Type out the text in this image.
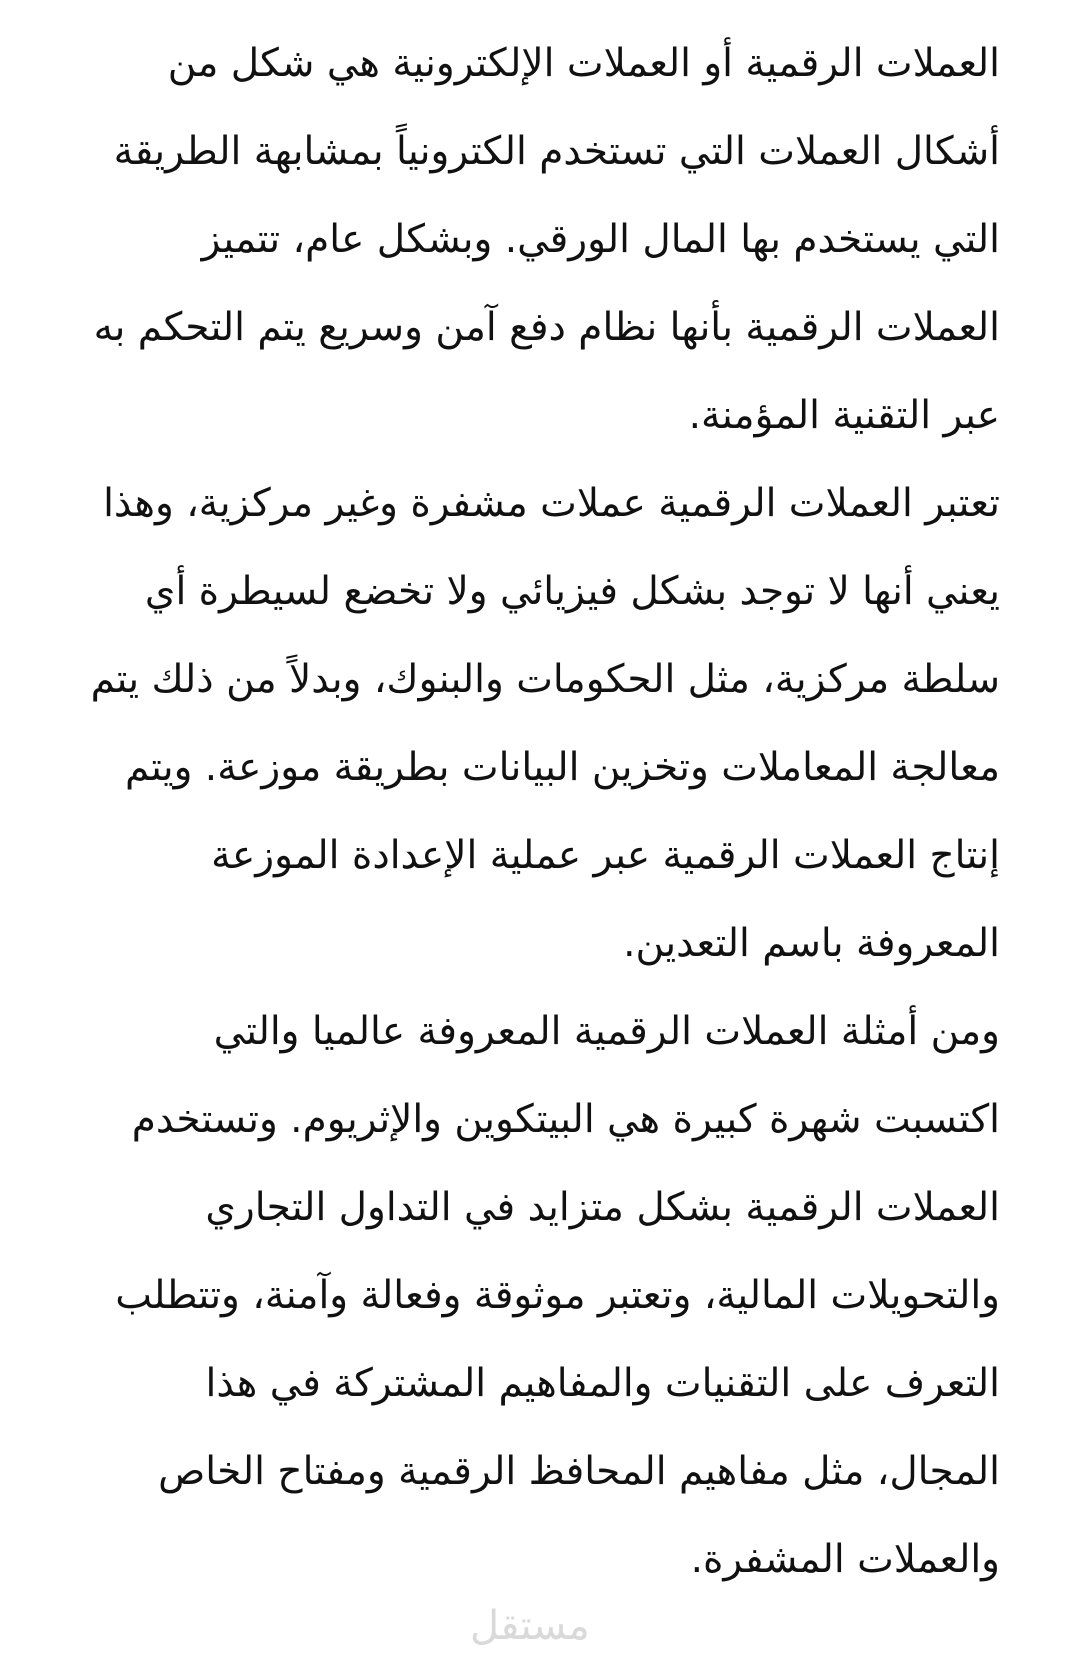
العملات الرقمية أو العملات الإلكترونية هي شكل من أشكال العملات التي تستخدم الكترونياً بمشابهة الطريقة التي يستخدم بها المال الورقي. وبشكل عام، تتميز العملات الرقمية بأنها نظام دفع آمن وسريع يتم التحكم به عبر التقنية المؤمنة.

تعتبر العملات الرقمية عملات مشفرة وغير مركزية، وهذا يعني أنها لا توجد بشكل فيزيائي ولا تخضع لسيطرة أي سلطة مركزية، مثل الحكومات والبنوك، وبدلاً من ذلك يتم معالجة المعاملات وتخزين البيانات بطريقة موزعة. ويتم إنتاج العملات الرقمية عبر عملية الإعدادة الموزعة المعروفة باسم التعدين.

ومن أمثلة العملات الرقمية المعروفة عالميا والتي اكتسبت شهرة كبيرة هي البيتكوين والإثريوم. وتستخدم العملات الرقمية بشكل متزايد في التداول التجاري والتحويلات المالية، وتعتبر موثوقة وفعالة وآمنة، وتتطلب التعرف على التقنيات والمفاهيم المشتركة في هذا المجال، مثل مفاهيم المحافظ الرقمية ومفتاح الخاص والعملات المشفرة.

مستقل
